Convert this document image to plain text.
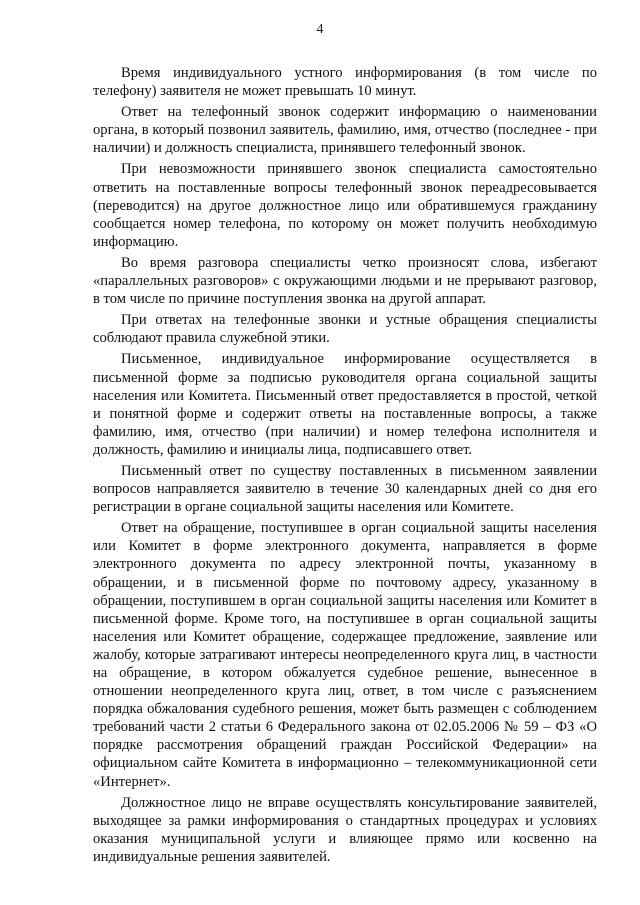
4

Время индивидуального устного информирования (в том числе по телефону) заявителя не может превышать 10 минут.

Ответ на телефонный звонок содержит информацию о наименовании органа, в который позвонил заявитель, фамилию, имя, отчество (последнее - при наличии) и должность специалиста, принявшего телефонный звонок.

При невозможности принявшего звонок специалиста самостоятельно ответить на поставленные вопросы телефонный звонок переадресовывается (переводится) на другое должностное лицо или обратившемуся гражданину сообщается номер телефона, по которому он может получить необходимую информацию.

Во время разговора специалисты четко произносят слова, избегают «параллельных разговоров» с окружающими людьми и не прерывают разговор, в том числе по причине поступления звонка на другой аппарат.

При ответах на телефонные звонки и устные обращения специалисты соблюдают правила служебной этики.

Письменное, индивидуальное информирование осуществляется в письменной форме за подписью руководителя органа социальной защиты населения или Комитета. Письменный ответ предоставляется в простой, четкой и понятной форме и содержит ответы на поставленные вопросы, а также фамилию, имя, отчество (при наличии) и номер телефона исполнителя и должность, фамилию и инициалы лица, подписавшего ответ.

Письменный ответ по существу поставленных в письменном заявлении вопросов направляется заявителю в течение 30 календарных дней со дня его регистрации в органе социальной защиты населения или Комитете.

Ответ на обращение, поступившее в орган социальной защиты населения или Комитет в форме электронного документа, направляется в форме электронного документа по адресу электронной почты, указанному в обращении, и в письменной форме по почтовому адресу, указанному в обращении, поступившем в орган социальной защиты населения или Комитет в письменной форме. Кроме того, на поступившее в орган социальной защиты населения или Комитет обращение, содержащее предложение, заявление или жалобу, которые затрагивают интересы неопределенного круга лиц, в частности на обращение, в котором обжалуется судебное решение, вынесенное в отношении неопределенного круга лиц, ответ, в том числе с разъяснением порядка обжалования судебного решения, может быть размещен с соблюдением требований части 2 статьи 6 Федерального закона от 02.05.2006 № 59 – ФЗ «О порядке рассмотрения обращений граждан Российской Федерации» на официальном сайте Комитета в информационно – телекоммуникационной сети «Интернет».

Должностное лицо не вправе осуществлять консультирование заявителей, выходящее за рамки информирования о стандартных процедурах и условиях оказания муниципальной услуги и влияющее прямо или косвенно на индивидуальные решения заявителей.
